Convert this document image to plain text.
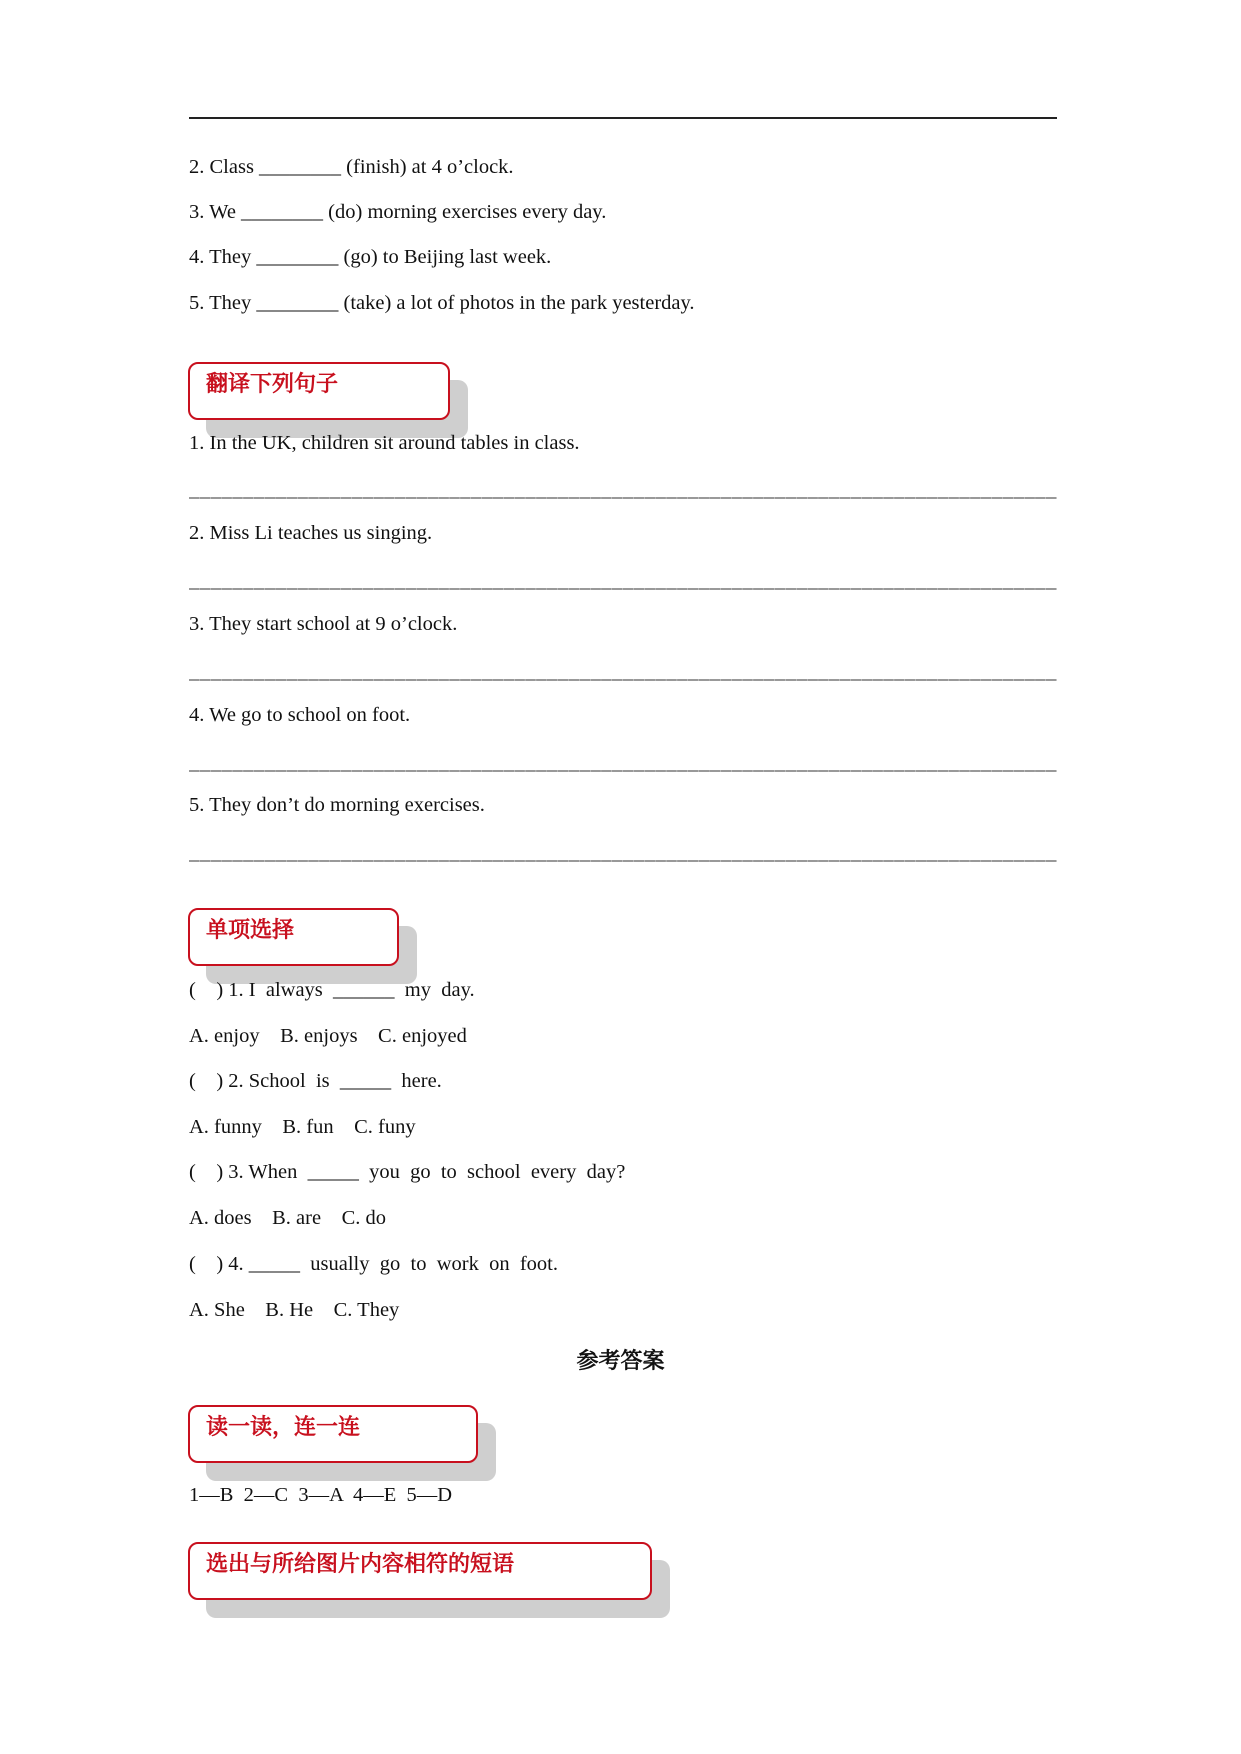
2. Class ________ (finish) at 4 o’clock.
3. We ________ (do) morning exercises every day.
4. They ________ (go) to Beijing last week.
5. They ________ (take) a lot of photos in the park yesterday.
翻译下列句子
1. In the UK, children sit around tables in class.
________________________________________________________________________________
2. Miss Li teaches us singing.
________________________________________________________________________________
3. They start school at 9 o’clock.
________________________________________________________________________________
4. We go to school on foot.
________________________________________________________________________________
5. They don’t do morning exercises.
________________________________________________________________________________
单项选择
(    ) 1. I  always  ______  my  day.
A. enjoy    B. enjoys    C. enjoyed
(    ) 2. School  is  _____  here.
A. funny    B. fun    C. funy
(    ) 3. When  _____  you  go  to  school  every  day?
A. does    B. are    C. do
(    ) 4. _____  usually  go  to  work  on  foot.
A. She    B. He    C. They
参考答案
读一读，连一连
1—B  2—C  3—A  4—E  5—D
选出与所给图片内容相符的短语
